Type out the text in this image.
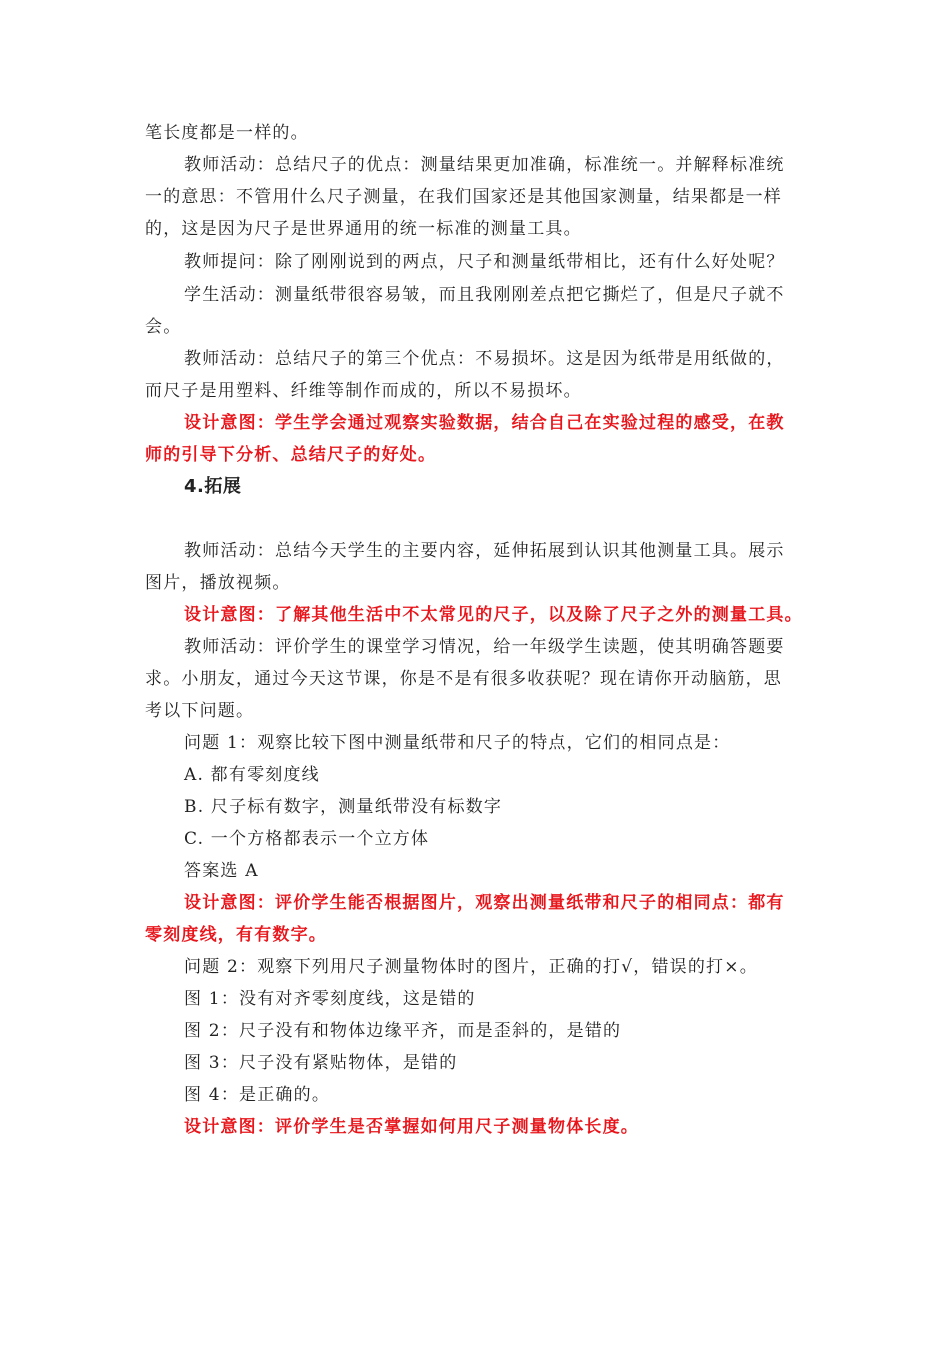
笔长度都是一样的。
教师活动：总结尺子的优点：测量结果更加准确，标准统一。并解释标准统
一的意思：不管用什么尺子测量，在我们国家还是其他国家测量，结果都是一样
的，这是因为尺子是世界通用的统一标准的测量工具。
教师提问：除了刚刚说到的两点，尺子和测量纸带相比，还有什么好处呢？
学生活动：测量纸带很容易皱，而且我刚刚差点把它撕烂了，但是尺子就不
会。
教师活动：总结尺子的第三个优点：不易损坏。这是因为纸带是用纸做的，
而尺子是用塑料、纤维等制作而成的，所以不易损坏。
设计意图：学生学会通过观察实验数据，结合自己在实验过程的感受，在教
师的引导下分析、总结尺子的好处。
4.拓展
教师活动：总结今天学生的主要内容，延伸拓展到认识其他测量工具。展示
图片，播放视频。
设计意图：了解其他生活中不太常见的尺子，以及除了尺子之外的测量工具。
教师活动：评价学生的课堂学习情况，给一年级学生读题，使其明确答题要
求。小朋友，通过今天这节课，你是不是有很多收获呢？现在请你开动脑筋，思
考以下问题。
问题 1：观察比较下图中测量纸带和尺子的特点，它们的相同点是：
A. 都有零刻度线
B. 尺子标有数字，测量纸带没有标数字
C. 一个方格都表示一个立方体
答案选 A
设计意图：评价学生能否根据图片，观察出测量纸带和尺子的相同点：都有
零刻度线，有有数字。
问题 2：观察下列用尺子测量物体时的图片，正确的打√，错误的打×。
图 1：没有对齐零刻度线，这是错的
图 2：尺子没有和物体边缘平齐，而是歪斜的，是错的
图 3：尺子没有紧贴物体，是错的
图 4：是正确的。
设计意图：评价学生是否掌握如何用尺子测量物体长度。
